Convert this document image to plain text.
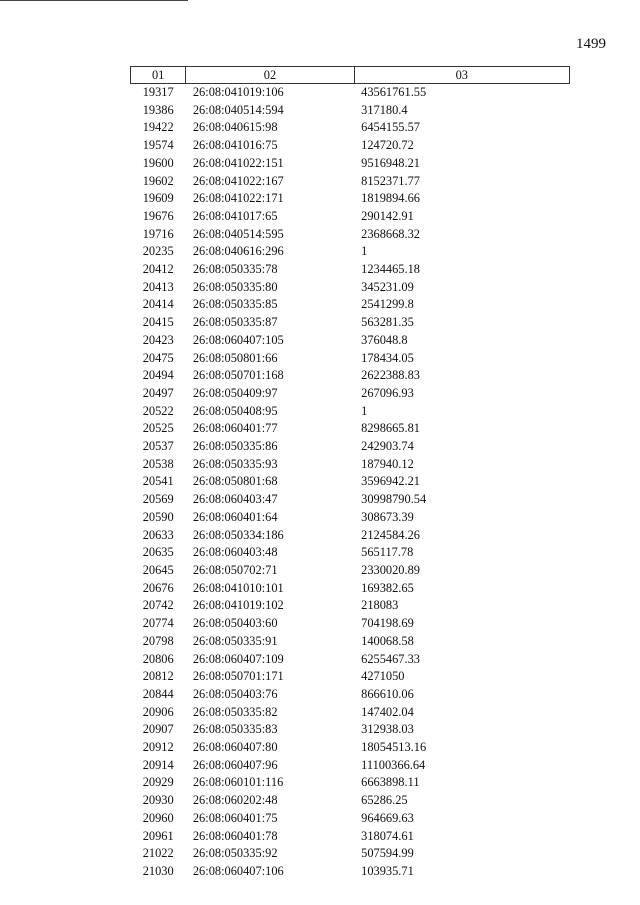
1499
01	02	03
19317	26:08:041019:106	43561761.55
19386	26:08:040514:594	317180.4
19422	26:08:040615:98	6454155.57
19574	26:08:041016:75	124720.72
19600	26:08:041022:151	9516948.21
19602	26:08:041022:167	8152371.77
19609	26:08:041022:171	1819894.66
19676	26:08:041017:65	290142.91
19716	26:08:040514:595	2368668.32
20235	26:08:040616:296	1
20412	26:08:050335:78	1234465.18
20413	26:08:050335:80	345231.09
20414	26:08:050335:85	2541299.8
20415	26:08:050335:87	563281.35
20423	26:08:060407:105	376048.8
20475	26:08:050801:66	178434.05
20494	26:08:050701:168	2622388.83
20497	26:08:050409:97	267096.93
20522	26:08:050408:95	1
20525	26:08:060401:77	8298665.81
20537	26:08:050335:86	242903.74
20538	26:08:050335:93	187940.12
20541	26:08:050801:68	3596942.21
20569	26:08:060403:47	30998790.54
20590	26:08:060401:64	308673.39
20633	26:08:050334:186	2124584.26
20635	26:08:060403:48	565117.78
20645	26:08:050702:71	2330020.89
20676	26:08:041010:101	169382.65
20742	26:08:041019:102	218083
20774	26:08:050403:60	704198.69
20798	26:08:050335:91	140068.58
20806	26:08:060407:109	6255467.33
20812	26:08:050701:171	4271050
20844	26:08:050403:76	866610.06
20906	26:08:050335:82	147402.04
20907	26:08:050335:83	312938.03
20912	26:08:060407:80	18054513.16
20914	26:08:060407:96	11100366.64
20929	26:08:060101:116	6663898.11
20930	26:08:060202:48	65286.25
20960	26:08:060401:75	964669.63
20961	26:08:060401:78	318074.61
21022	26:08:050335:92	507594.99
21030	26:08:060407:106	103935.71
